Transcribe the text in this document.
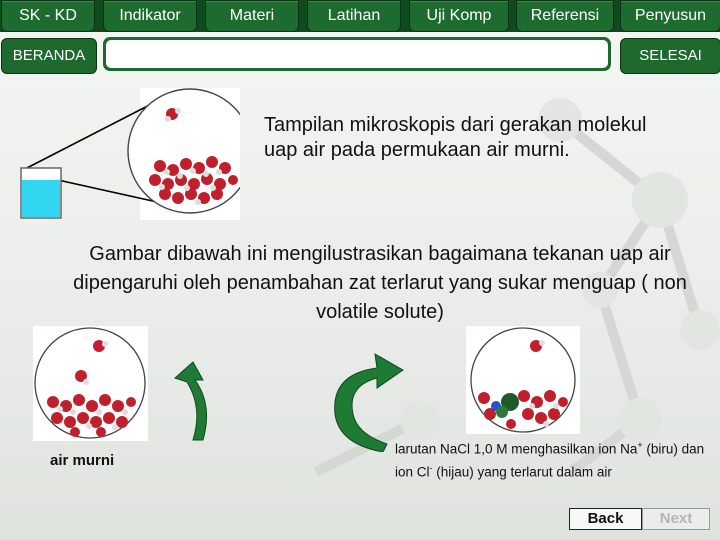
SK - KD	Indikator	Materi	Latihan	Uji Komp	Referensi	Penyusun
BERANDA	SELESAI
Tampilan mikroskopis dari gerakan molekul uap air pada permukaan air murni.
Gambar dibawah ini mengilustrasikan bagaimana tekanan uap air dipengaruhi oleh penambahan zat terlarut yang sukar menguap ( non volatile solute)
air murni
larutan NaCl 1,0 M menghasilkan ion Na+ (biru) dan ion Cl- (hijau) yang terlarut dalam air
Back	Next
